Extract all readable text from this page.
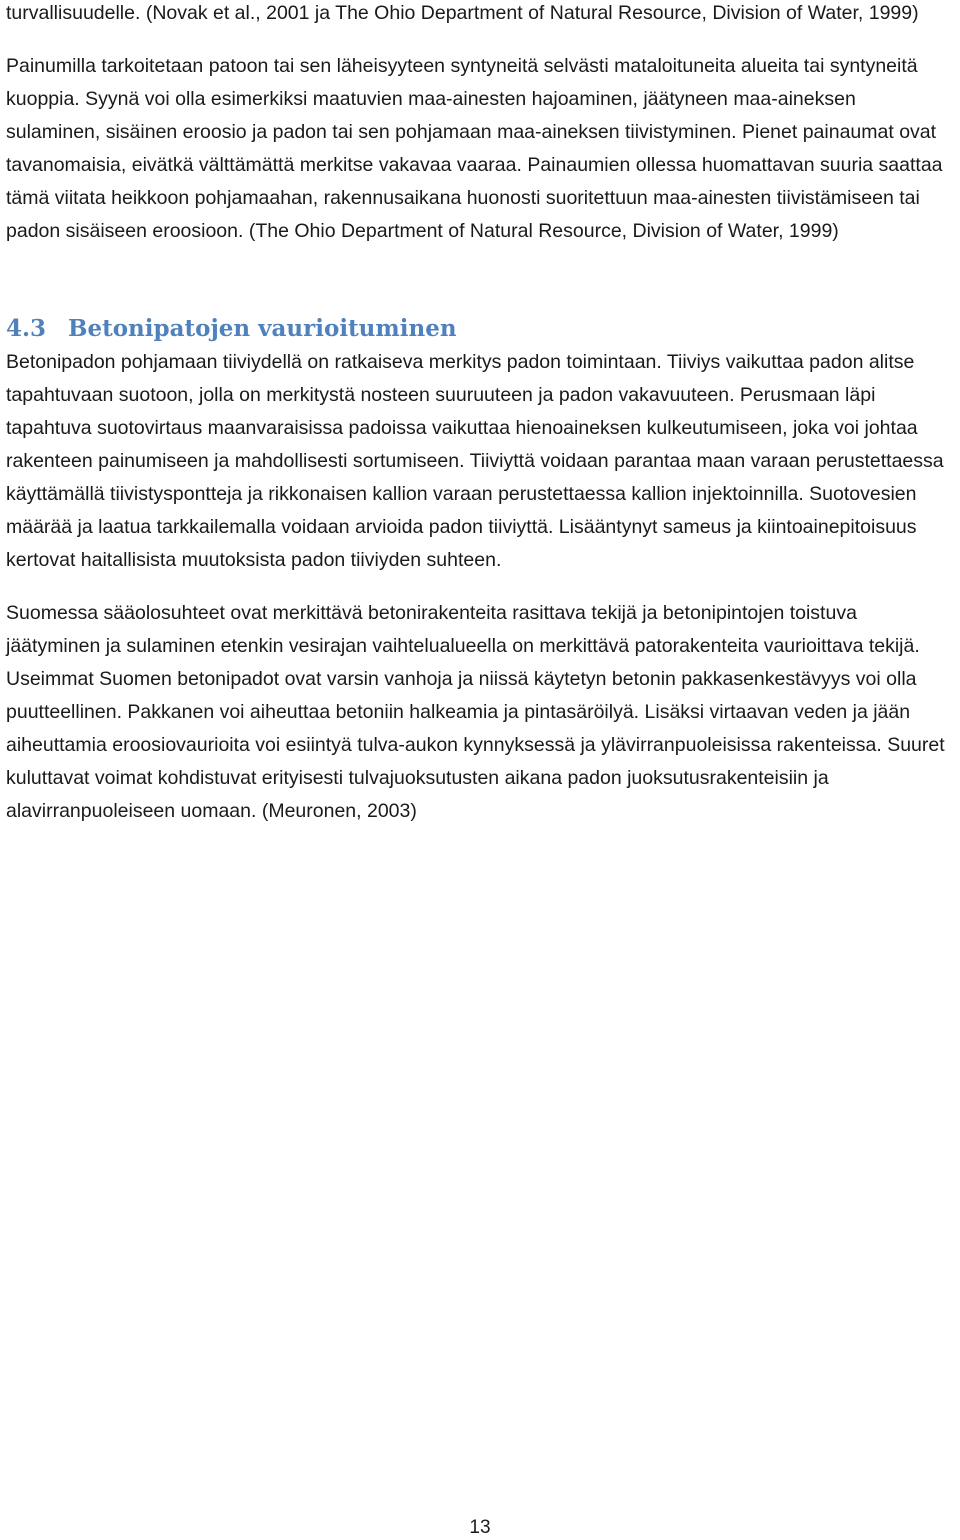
turvallisuudelle. (Novak et al., 2001 ja The Ohio Department of Natural Resource, Division of Water, 1999)

Painumilla tarkoitetaan patoon tai sen läheisyyteen syntyneitä selvästi mataloituneita alueita tai syntyneitä kuoppia. Syynä voi olla esimerkiksi maatuvien maa-ainesten hajoaminen, jäätyneen maa-aineksen sulaminen, sisäinen eroosio ja padon tai sen pohjamaan maa-aineksen tiivistyminen. Pienet painaumat ovat tavanomaisia, eivätkä välttämättä merkitse vakavaa vaaraa. Painaumien ollessa huomattavan suuria saattaa tämä viitata heikkoon pohjamaahan, rakennusaikana huonosti suoritettuun maa-ainesten tiivistämiseen tai padon sisäiseen eroosioon. (The Ohio Department of Natural Resource, Division of Water, 1999)

4.3 Betonipatojen vaurioituminen

Betonipadon pohjamaan tiiviydellä on ratkaiseva merkitys padon toimintaan. Tiiviys vaikuttaa padon alitse tapahtuvaan suotoon, jolla on merkitystä nosteen suuruuteen ja padon vakavuuteen. Perusmaan läpi tapahtuva suotovirtaus maanvaraisissa padoissa vaikuttaa hienoaineksen kulkeutumiseen, joka voi johtaa rakenteen painumiseen ja mahdollisesti sortumiseen. Tiiviyttä voidaan parantaa maan varaan perustettaessa käyttämällä tiivistyspontteja ja rikkonaisen kallion varaan perustettaessa kallion injektoinnilla. Suotovesien määrää ja laatua tarkkailemalla voidaan arvioida padon tiiviyttä. Lisääntynyt sameus ja kiintoainepitoisuus kertovat haitallisista muutoksista padon tiiviyden suhteen.

Suomessa sääolosuhteet ovat merkittävä betonirakenteita rasittava tekijä ja betonipintojen toistuva jäätyminen ja sulaminen etenkin vesirajan vaihtelualueella on merkittävä patorakenteita vaurioittava tekijä. Useimmat Suomen betonipadot ovat varsin vanhoja ja niissä käytetyn betonin pakkasenkestävyys voi olla puutteellinen. Pakkanen voi aiheuttaa betoniin halkeamia ja pintasäröilyä. Lisäksi virtaavan veden ja jään aiheuttamia eroosiovaurioita voi esiintyä tulva-aukon kynnyksessä ja ylävirranpuoleisissa rakenteissa. Suuret kuluttavat voimat kohdistuvat erityisesti tulvajuoksutusten aikana padon juoksutusrakenteisiin ja alavirranpuoleiseen uomaan. (Meuronen, 2003)

13
